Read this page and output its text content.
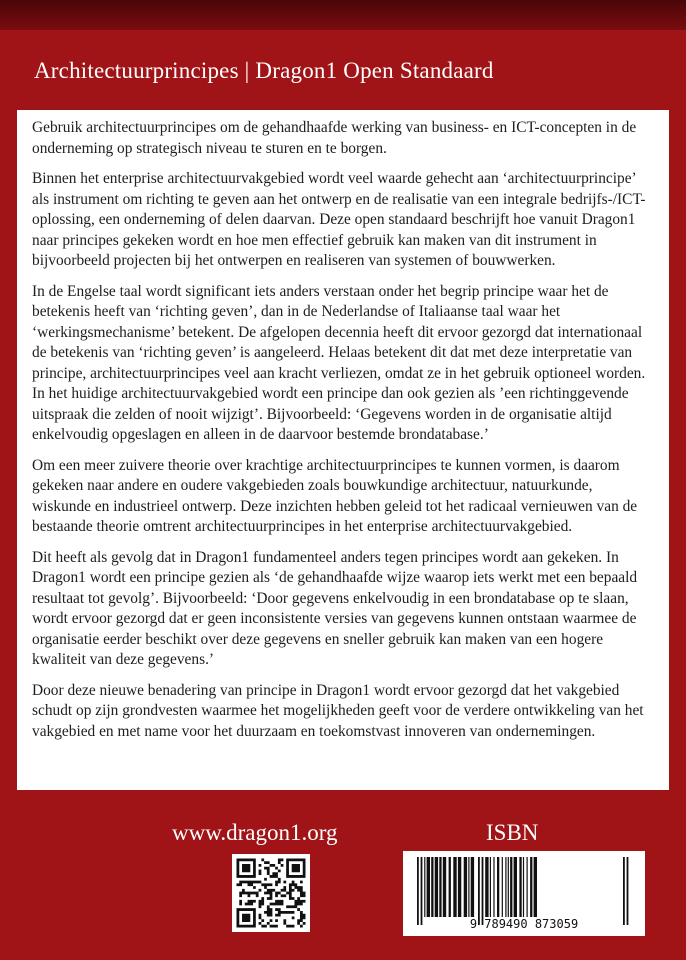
Architectuurprincipes | Dragon1 Open Standaard

Gebruik architectuurprincipes om de gehandhaafde werking van business- en ICT-concepten in de onderneming op strategisch niveau te sturen en te borgen.

Binnen het enterprise architectuurvakgebied wordt veel waarde gehecht aan ‘architectuurprincipe’ als instrument om richting te geven aan het ontwerp en de realisatie van een integrale bedrijfs-/ICT-oplossing, een onderneming of delen daarvan. Deze open standaard beschrijft hoe vanuit Dragon1 naar principes gekeken wordt en hoe men effectief gebruik kan maken van dit instrument in bijvoorbeeld projecten bij het ontwerpen en realiseren van systemen of bouwwerken.

In de Engelse taal wordt significant iets anders verstaan onder het begrip principe waar het de betekenis heeft van ‘richting geven’, dan in de Nederlandse of Italiaanse taal waar het ‘werkingsmechanisme’ betekent. De afgelopen decennia heeft dit ervoor gezorgd dat internationaal de betekenis van ‘richting geven’ is aangeleerd. Helaas betekent dit dat met deze interpretatie van principe, architectuurprincipes veel aan kracht verliezen, omdat ze in het gebruik optioneel worden. In het huidige architectuurvakgebied wordt een principe dan ook gezien als ’een richtinggevende uitspraak die zelden of nooit wijzigt’. Bijvoorbeeld: ‘Gegevens worden in de organisatie altijd enkelvoudig opgeslagen en alleen in de daarvoor bestemde brondatabase.’

Om een meer zuivere theorie over krachtige architectuurprincipes te kunnen vormen, is daarom gekeken naar andere en oudere vakgebieden zoals bouwkundige architectuur, natuurkunde, wiskunde en industrieel ontwerp. Deze inzichten hebben geleid tot het radicaal vernieuwen van de bestaande theorie omtrent architectuurprincipes in het enterprise architectuurvakgebied.

Dit heeft als gevolg dat in Dragon1 fundamenteel anders tegen principes wordt aan gekeken. In Dragon1 wordt een principe gezien als ‘de gehandhaafde wijze waarop iets werkt met een bepaald resultaat tot gevolg’. Bijvoorbeeld: ‘Door gegevens enkelvoudig in een brondatabase op te slaan, wordt ervoor gezorgd dat er geen inconsistente versies van gegevens kunnen ontstaan waarmee de organisatie eerder beschikt over deze gegevens en sneller gebruik kan maken van een hogere kwaliteit van deze gegevens.’

Door deze nieuwe benadering van principe in Dragon1 wordt ervoor gezorgd dat het vakgebied schudt op zijn grondvesten waarmee het mogelijkheden geeft voor de verdere ontwikkeling van het vakgebied en met name voor het duurzaam en toekomstvast innoveren van ondernemingen.

www.dragon1.org	ISBN
9 789490 873059
